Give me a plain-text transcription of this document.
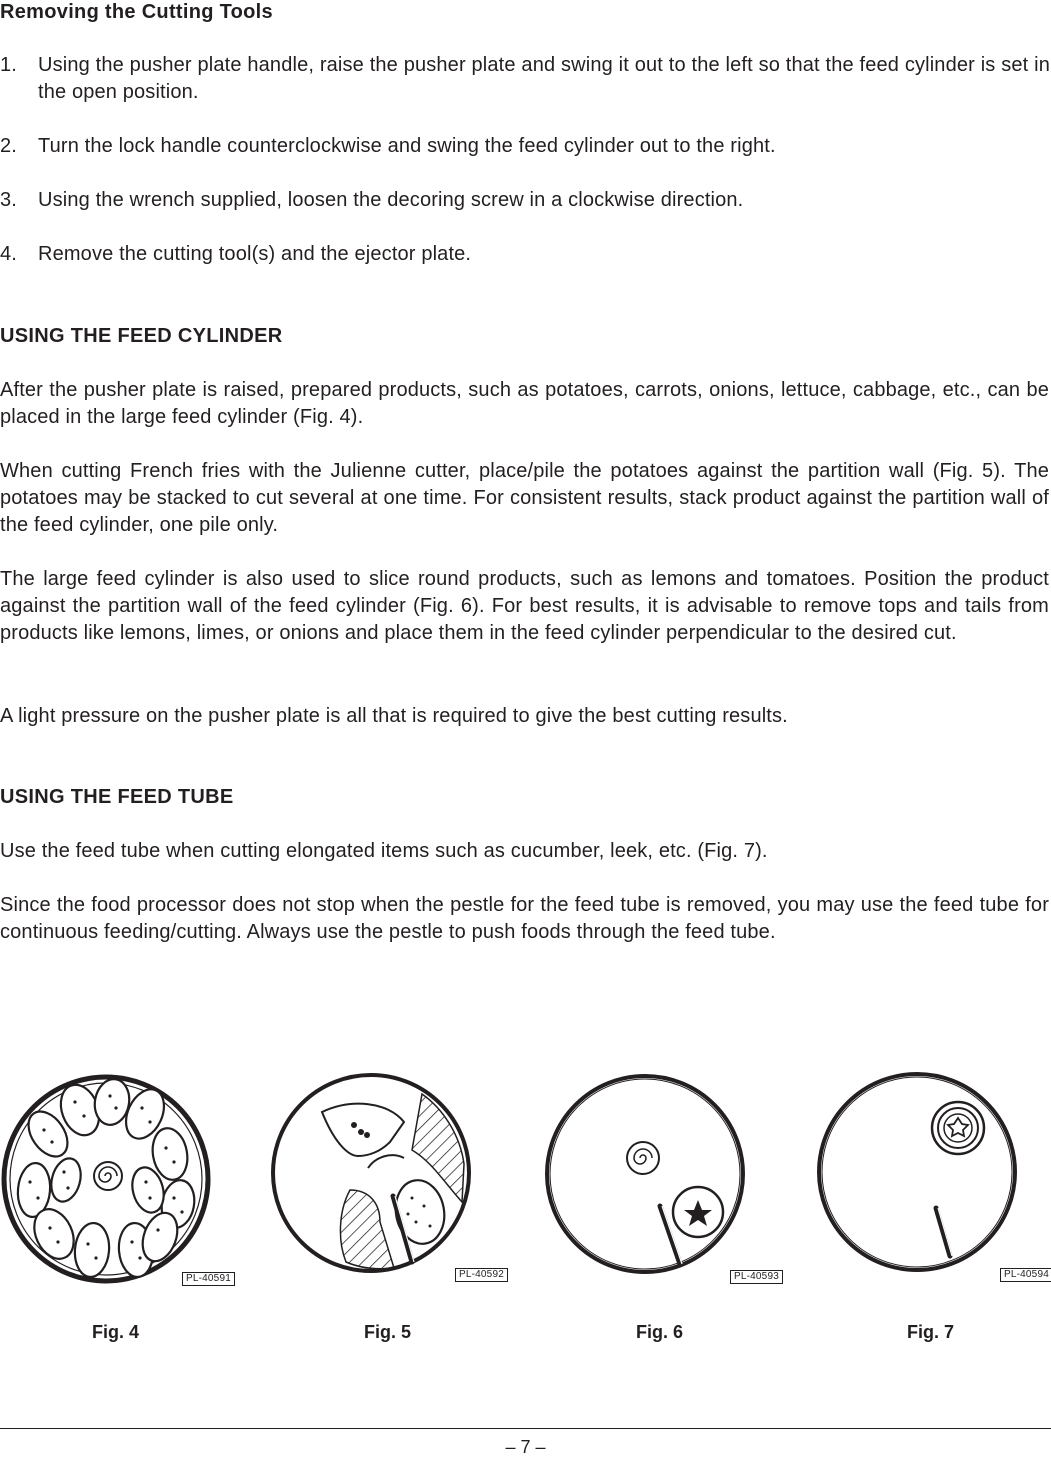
Removing the Cutting Tools
1. Using the pusher plate handle, raise the pusher plate and swing it out to the left so that the feed cylinder is set in the open position.
2. Turn the lock handle counterclockwise and swing the feed cylinder out to the right.
3. Using the wrench supplied, loosen the decoring screw in a clockwise direction.
4. Remove the cutting tool(s) and the ejector plate.
USING THE FEED CYLINDER

After the pusher plate is raised, prepared products, such as potatoes, carrots, onions, lettuce, cabbage, etc., can be placed in the large feed cylinder (Fig. 4).

When cutting French fries with the Julienne cutter, place/pile the potatoes against the partition wall (Fig. 5). The potatoes may be stacked to cut several at one time. For consistent results, stack product against the partition wall of the feed cylinder, one pile only.

The large feed cylinder is also used to slice round products, such as lemons and tomatoes. Position the product against the partition wall of the feed cylinder (Fig. 6). For best results, it is advisable to remove tops and tails from products like lemons, limes, or onions and place them in the feed cylinder perpendicular to the desired cut.

A light pressure on the pusher plate is all that is required to give the best cutting results.

USING THE FEED TUBE

Use the feed tube when cutting elongated items such as cucumber, leek, etc. (Fig. 7).

Since the food processor does not stop when the pestle for the feed tube is removed, you may use the feed tube for continuous feeding/cutting. Always use the pestle to push foods through the feed tube.

PL-40591	PL-40592	PL-40593	PL-40594
Fig. 4	Fig. 5	Fig. 6	Fig. 7
– 7 –
